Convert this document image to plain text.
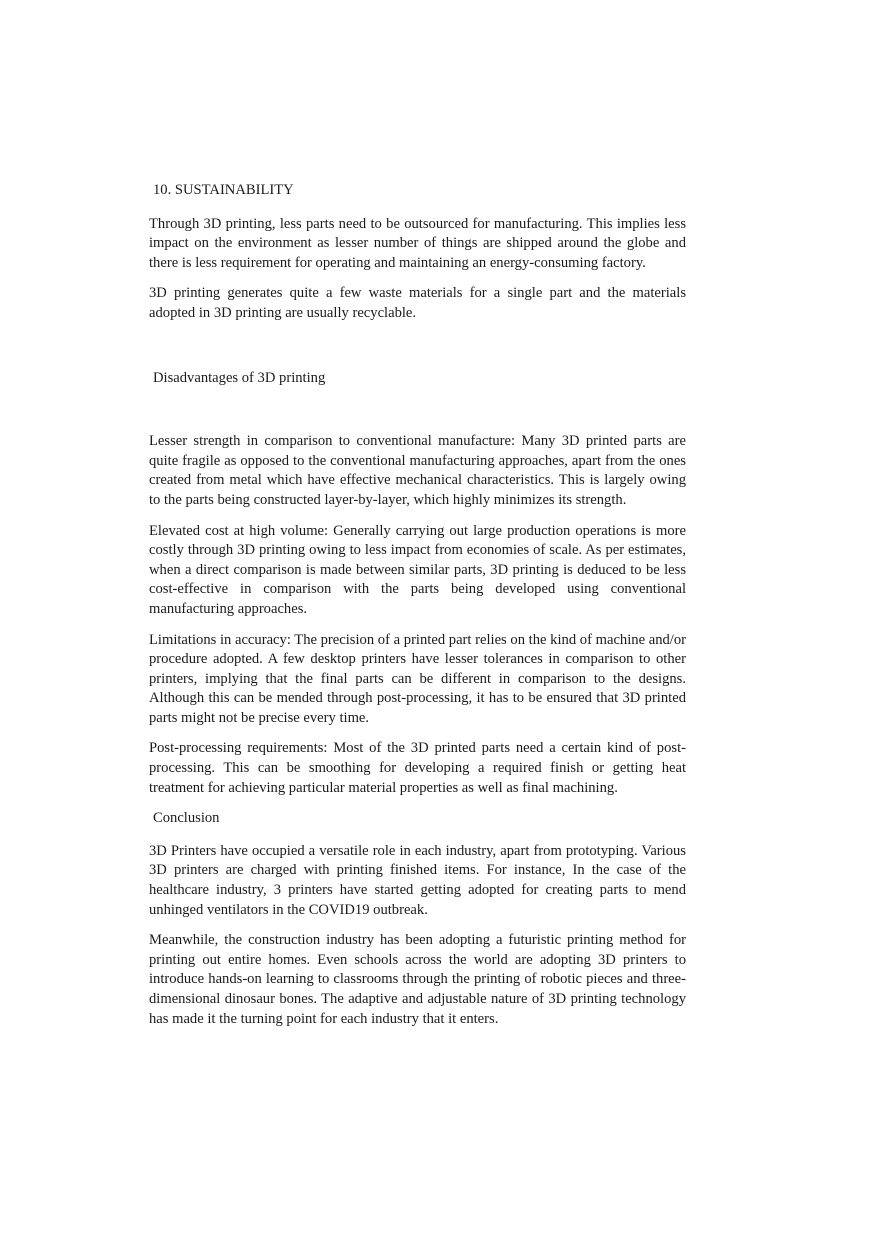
10. SUSTAINABILITY

Through 3D printing, less parts need to be outsourced for manufacturing. This implies less impact on the environment as lesser number of things are shipped around the globe and there is less requirement for operating and maintaining an energy-consuming factory.

3D printing generates quite a few waste materials for a single part and the materials adopted in 3D printing are usually recyclable.

Disadvantages of 3D printing

Lesser strength in comparison to conventional manufacture: Many 3D printed parts are quite fragile as opposed to the conventional manufacturing approaches, apart from the ones created from metal which have effective mechanical characteristics. This is largely owing to the parts being constructed layer-by-layer, which highly minimizes its strength.

Elevated cost at high volume: Generally carrying out large production operations is more costly through 3D printing owing to less impact from economies of scale. As per estimates, when a direct comparison is made between similar parts, 3D printing is deduced to be less cost-effective in comparison with the parts being developed using conventional manufacturing approaches.

Limitations in accuracy: The precision of a printed part relies on the kind of machine and/or procedure adopted. A few desktop printers have lesser tolerances in comparison to other printers, implying that the final parts can be different in comparison to the designs. Although this can be mended through post-processing, it has to be ensured that 3D printed parts might not be precise every time.

Post-processing requirements: Most of the 3D printed parts need a certain kind of post-processing. This can be smoothing for developing a required finish or getting heat treatment for achieving particular material properties as well as final machining.

Conclusion

3D Printers have occupied a versatile role in each industry, apart from prototyping. Various 3D printers are charged with printing finished items. For instance, In the case of the healthcare industry, 3 printers have started getting adopted for creating parts to mend unhinged ventilators in the COVID19 outbreak.

Meanwhile, the construction industry has been adopting a futuristic printing method for printing out entire homes. Even schools across the world are adopting 3D printers to introduce hands-on learning to classrooms through the printing of robotic pieces and three-dimensional dinosaur bones. The adaptive and adjustable nature of 3D printing technology has made it the turning point for each industry that it enters.
